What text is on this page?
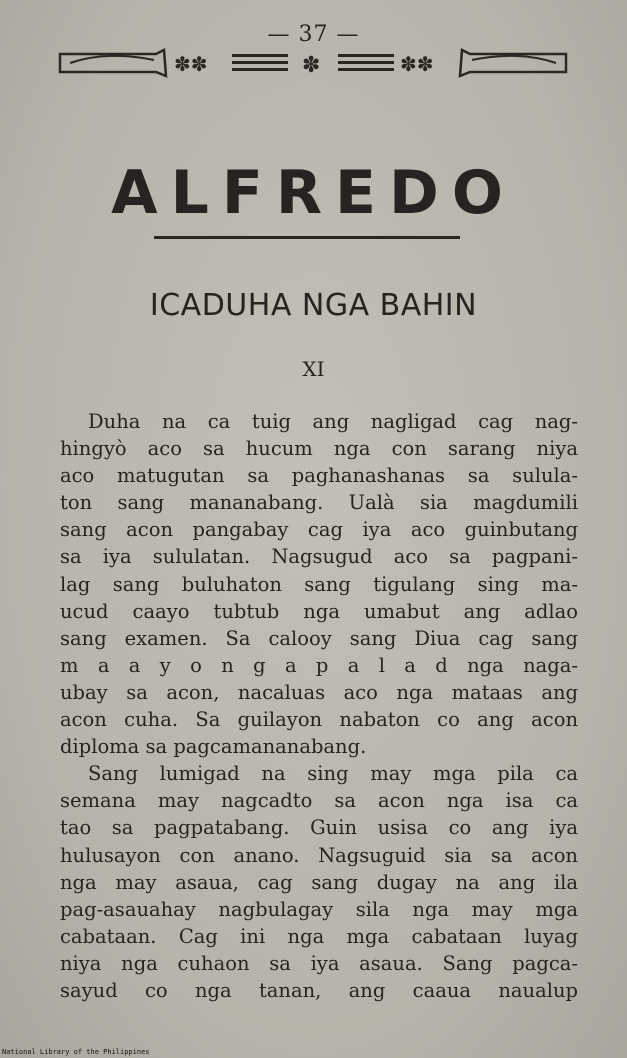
— 37 —
✽✽	✽	✽✽
ALFREDO
ICADUHA NGA BAHIN
XI
Duha na ca tuig ang nagligad cag nag-
hingyò aco sa hucum nga con sarang niya
aco matugutan sa paghanashanas sa sulula-
ton sang mananabang. Ualà sia magdumili
sang acon pangabay cag iya aco guinbutang
sa iya sululatan. Nagsugud aco sa pagpani-
lag sang buluhaton sang tigulang sing ma-
ucud caayo tubtub nga umabut ang adlao
sang examen. Sa calooy sang Diua cag sang
m a a y o n g a p a l a d nga naga-
ubay sa acon, nacaluas aco nga mataas ang
acon cuha. Sa guilayon nabaton co ang acon
diploma sa pagcamananabang.
Sang lumigad na sing may mga pila ca
semana may nagcadto sa acon nga isa ca
tao sa pagpatabang. Guin usisa co ang iya
hulusayon con anano. Nagsuguid sia sa acon
nga may asaua, cag sang dugay na ang ila
pag-asauahay nagbulagay sila nga may mga
cabataan. Cag ini nga mga cabataan luyag
niya nga cuhaon sa iya asaua. Sang pagca-
sayud co nga tanan, ang caaua naualup
National Library of the Philippines
